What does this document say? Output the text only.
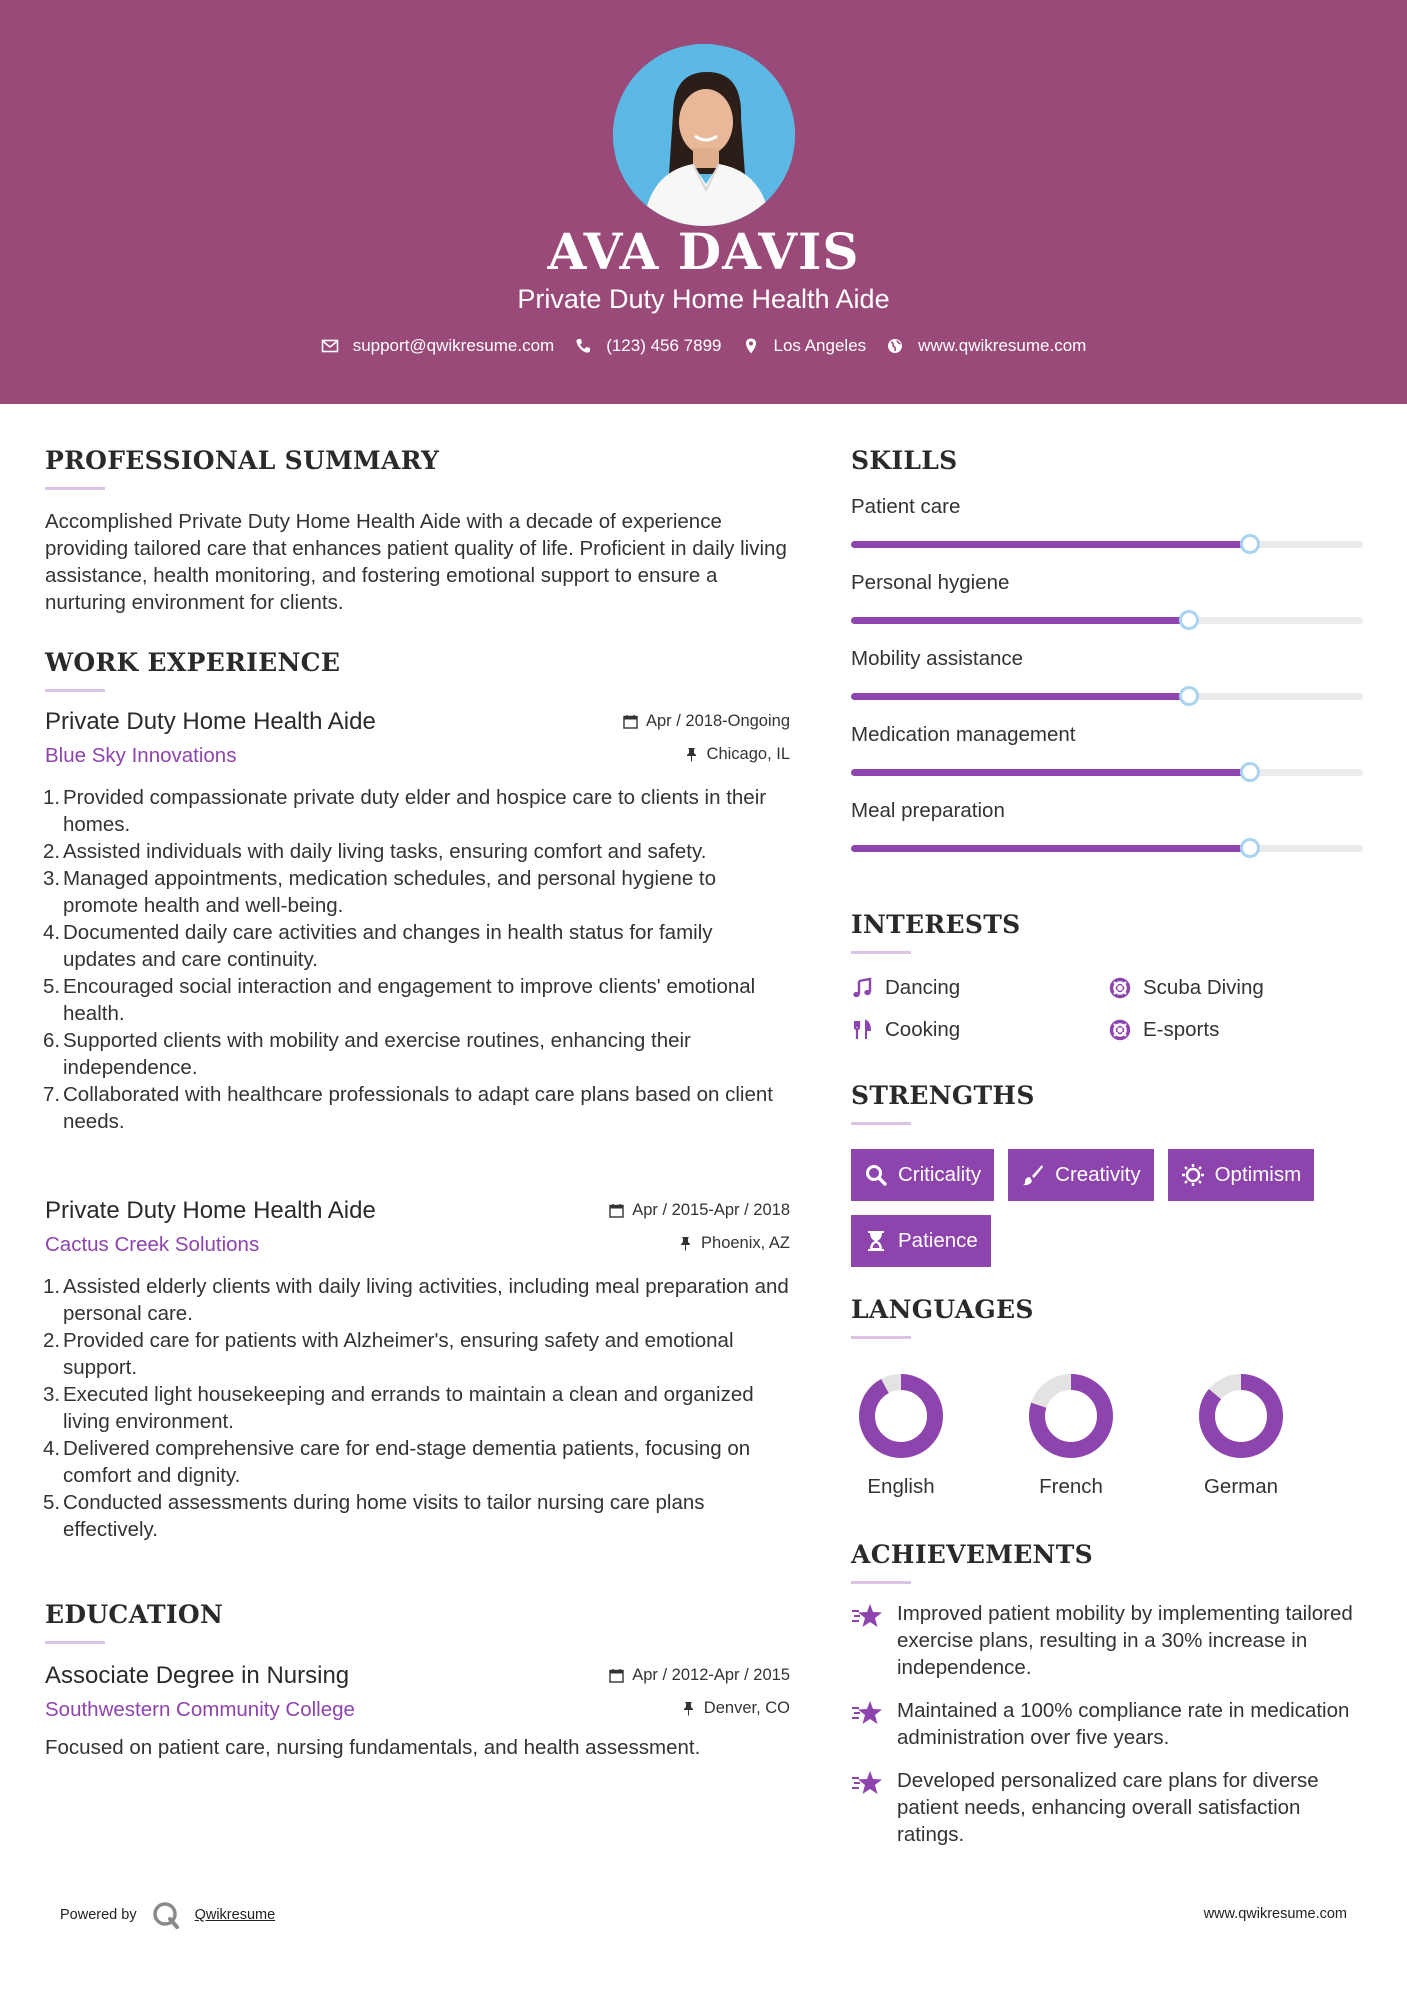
AVA DAVIS
Private Duty Home Health Aide
support@qwikresume.com	(123) 456 7899	Los Angeles	www.qwikresume.com
PROFESSIONAL SUMMARY
Accomplished Private Duty Home Health Aide with a decade of experience providing tailored care that enhances patient quality of life. Proficient in daily living assistance, health monitoring, and fostering emotional support to ensure a nurturing environment for clients.
WORK EXPERIENCE
Private Duty Home Health Aide	Apr / 2018-Ongoing
Blue Sky Innovations	Chicago, IL
1. Provided compassionate private duty elder and hospice care to clients in their homes.
2. Assisted individuals with daily living tasks, ensuring comfort and safety.
3. Managed appointments, medication schedules, and personal hygiene to promote health and well-being.
4. Documented daily care activities and changes in health status for family updates and care continuity.
5. Encouraged social interaction and engagement to improve clients' emotional health.
6. Supported clients with mobility and exercise routines, enhancing their independence.
7. Collaborated with healthcare professionals to adapt care plans based on client needs.
Private Duty Home Health Aide	Apr / 2015-Apr / 2018
Cactus Creek Solutions	Phoenix, AZ
1. Assisted elderly clients with daily living activities, including meal preparation and personal care.
2. Provided care for patients with Alzheimer's, ensuring safety and emotional support.
3. Executed light housekeeping and errands to maintain a clean and organized living environment.
4. Delivered comprehensive care for end-stage dementia patients, focusing on comfort and dignity.
5. Conducted assessments during home visits to tailor nursing care plans effectively.
EDUCATION
Associate Degree in Nursing	Apr / 2012-Apr / 2015
Southwestern Community College	Denver, CO
Focused on patient care, nursing fundamentals, and health assessment.
SKILLS
Patient care
Personal hygiene
Mobility assistance
Medication management
Meal preparation
INTERESTS
Dancing	Scuba Diving
Cooking	E-sports
STRENGTHS
Criticality	Creativity	Optimism
Patience
LANGUAGES
English	French	German
ACHIEVEMENTS
Improved patient mobility by implementing tailored exercise plans, resulting in a 30% increase in independence.
Maintained a 100% compliance rate in medication administration over five years.
Developed personalized care plans for diverse patient needs, enhancing overall satisfaction ratings.
Powered by	Qwikresume	www.qwikresume.com
